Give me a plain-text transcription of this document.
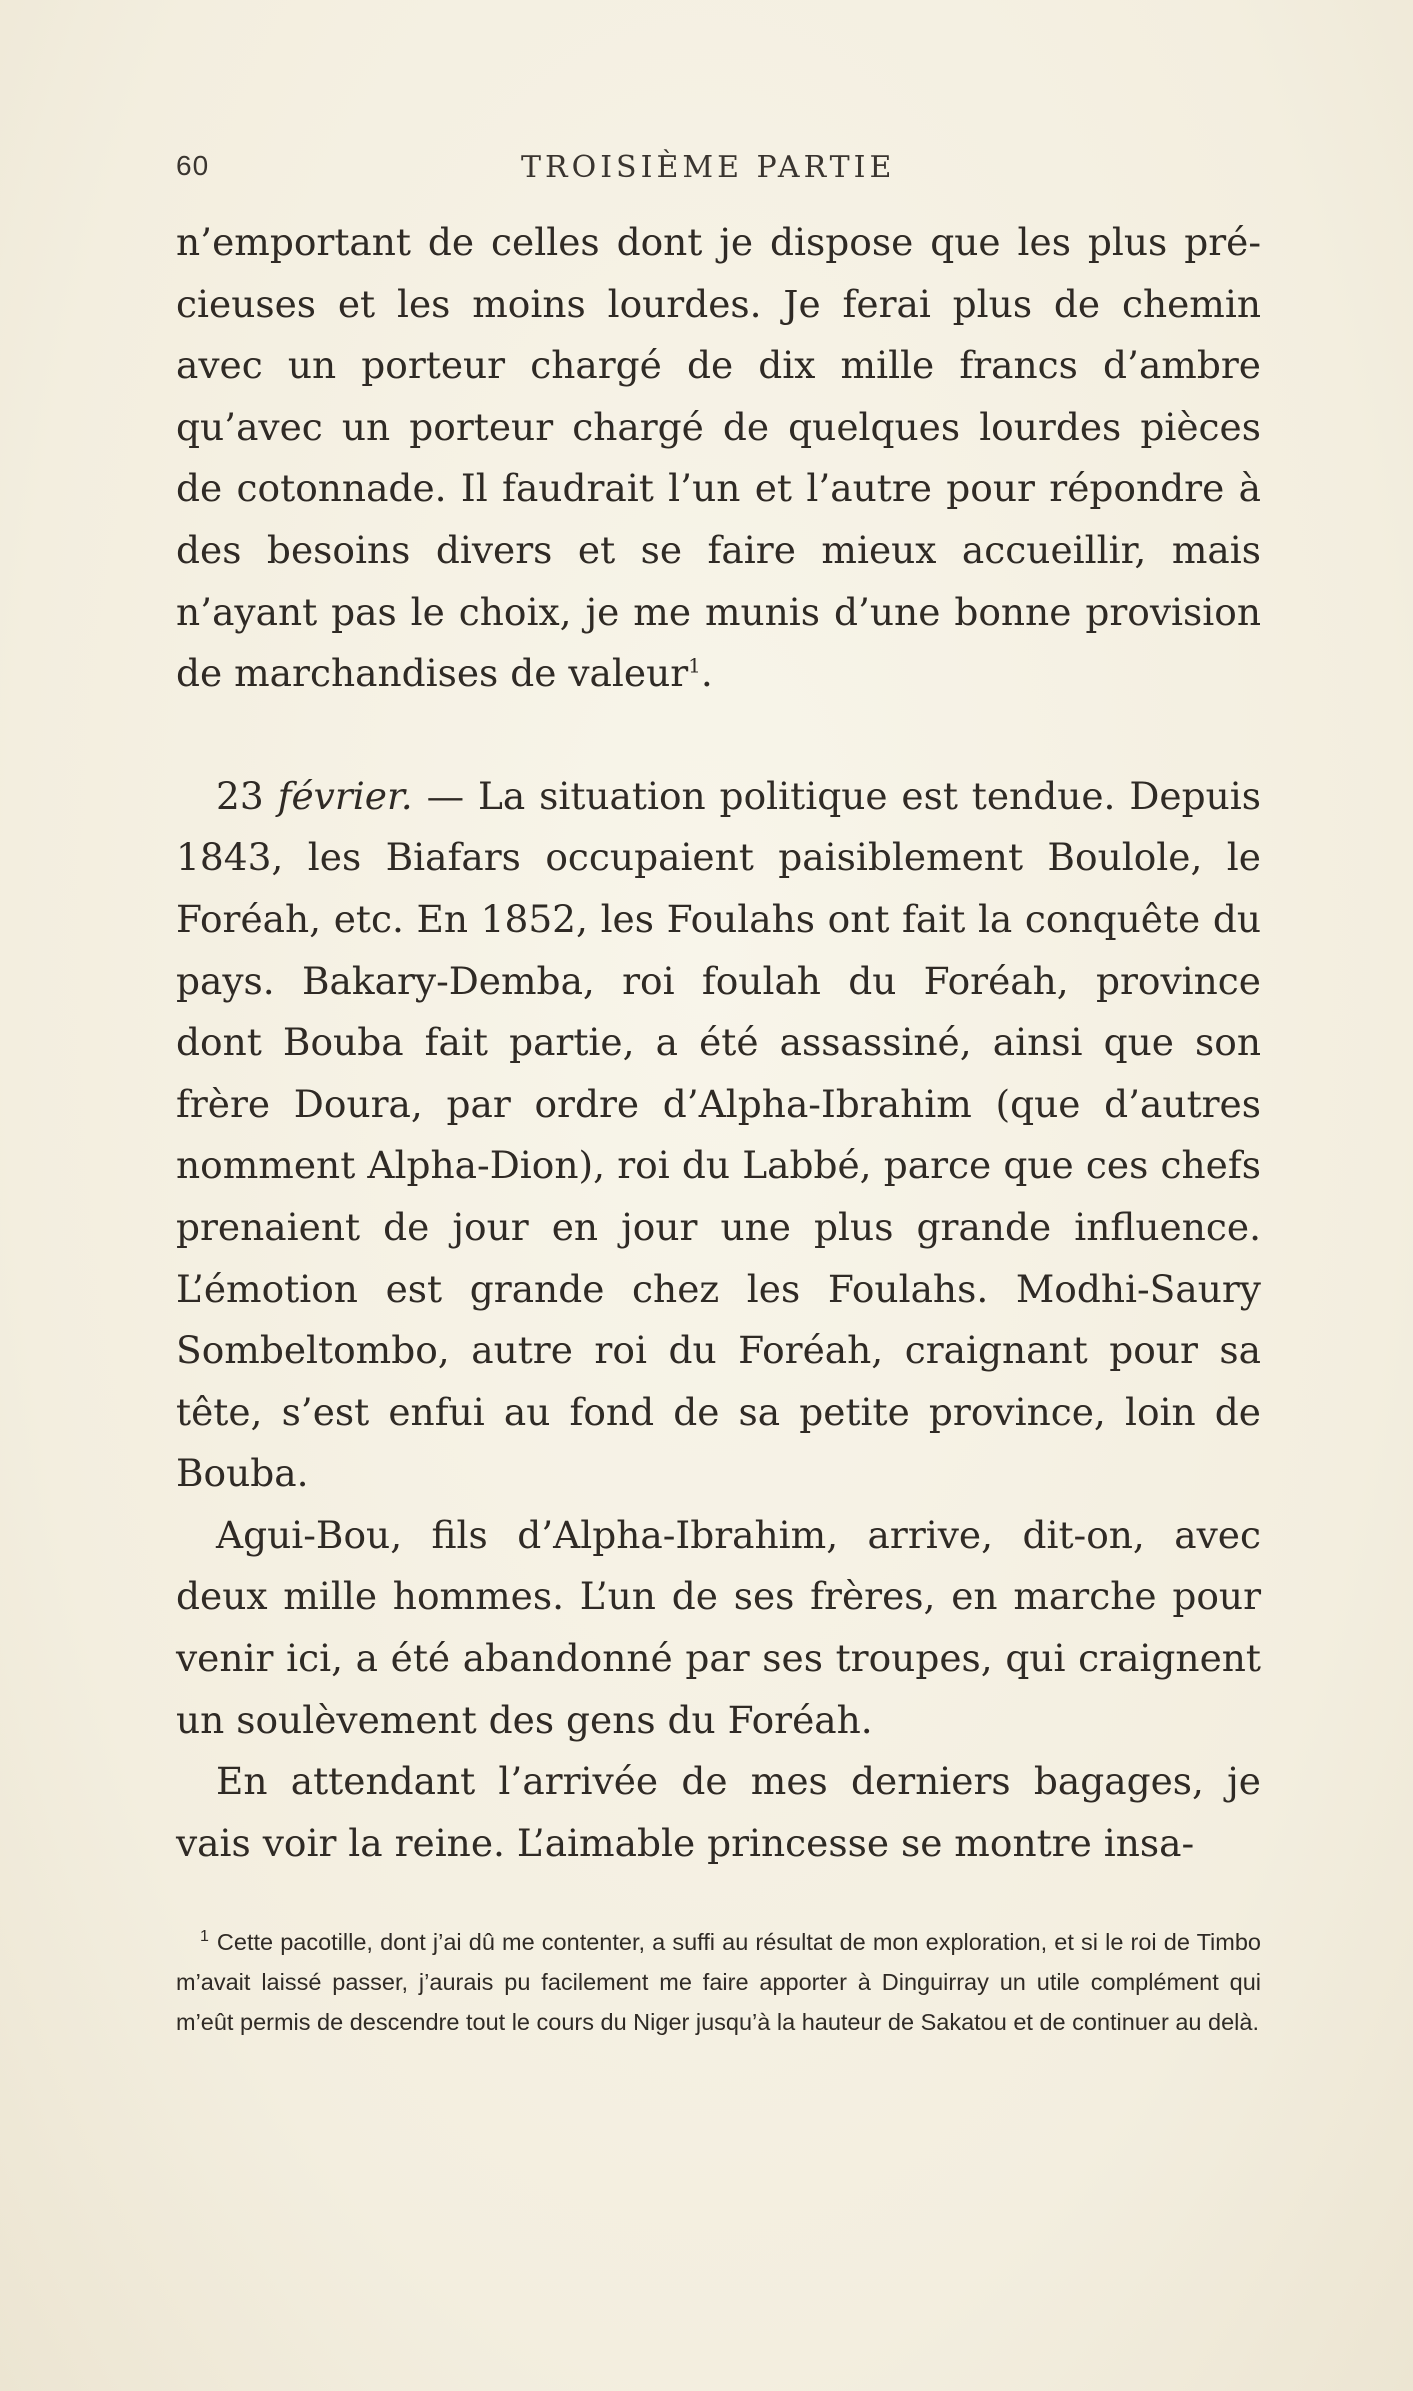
60	TROISIÈME PARTIE

n’emportant de celles dont je dispose que les plus précieuses et les moins lourdes. Je ferai plus de chemin avec un porteur chargé de dix mille francs d’ambre qu’avec un porteur chargé de quelques lourdes pièces de cotonnade. Il faudrait l’un et l’autre pour répondre à des besoins divers et se faire mieux accueillir, mais n’ayant pas le choix, je me munis d’une bonne provision de marchandises de valeur$^1$.

23 février. — La situation politique est tendue. Depuis 1843, les Biafars occupaient paisiblement Boulole, le Foréah, etc. En 1852, les Foulahs ont fait la conquête du pays. Bakary-Demba, roi foulah du Foréah, province dont Bouba fait partie, a été assassiné, ainsi que son frère Doura, par ordre d’Alpha-Ibrahim (que d’autres nomment Alpha-Dion), roi du Labbé, parce que ces chefs prenaient de jour en jour une plus grande influence. L’émotion est grande chez les Foulahs. Modhi-Saury Sombeltombo, autre roi du Foréah, craignant pour sa tête, s’est enfui au fond de sa petite province, loin de Bouba.

Agui-Bou, fils d’Alpha-Ibrahim, arrive, dit-on, avec deux mille hommes. L’un de ses frères, en marche pour venir ici, a été abandonné par ses troupes, qui craignent un soulèvement des gens du Foréah.

En attendant l’arrivée de mes derniers bagages, je vais voir la reine. L’aimable princesse se montre insa-

$^1$ Cette pacotille, dont j’ai dû me contenter, a suffi au résultat de mon exploration, et si le roi de Timbo m’avait laissé passer, j’aurais pu facilement me faire apporter à Dinguirray un utile complément qui m’eût permis de descendre tout le cours du Niger jusqu’à la hauteur de Sakatou et de continuer au delà.
